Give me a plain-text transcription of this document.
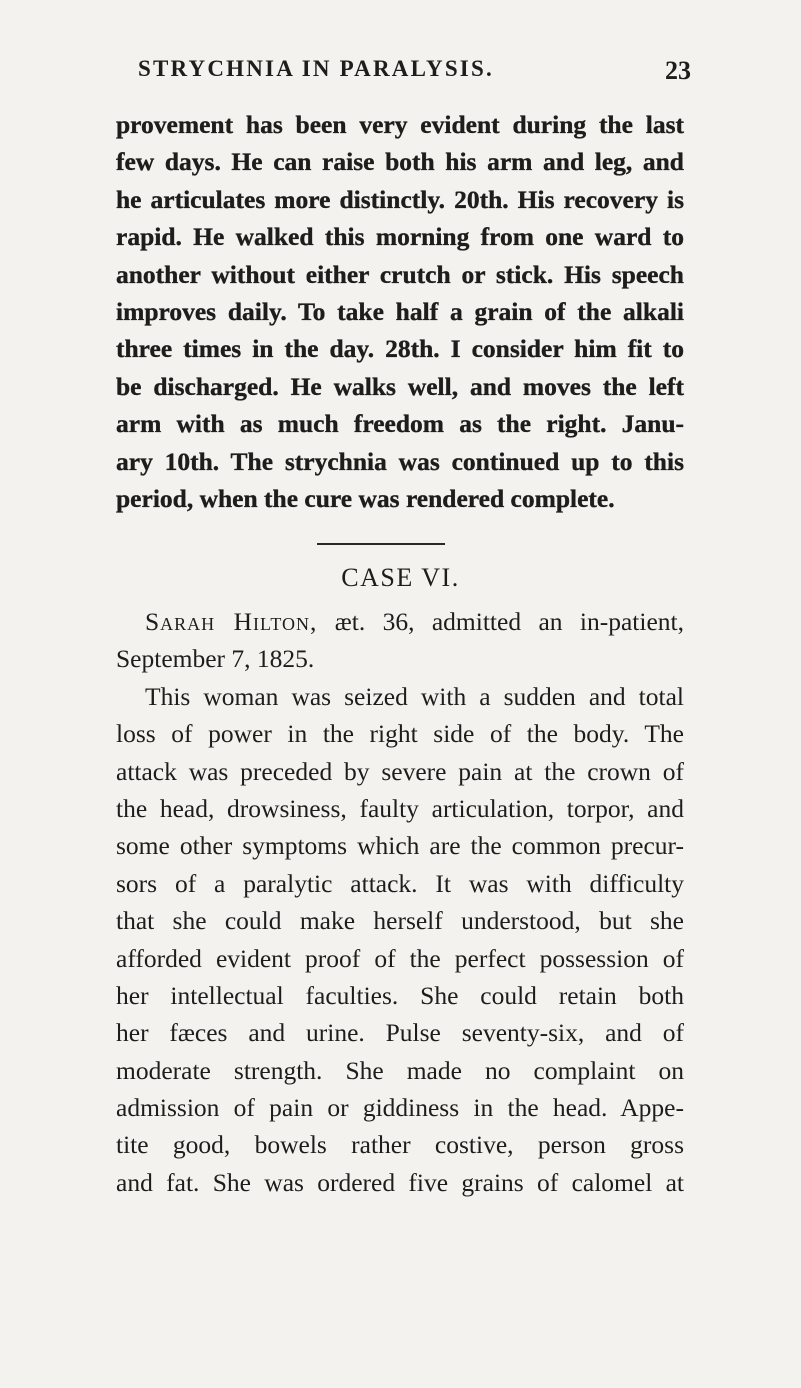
STRYCHNIA IN PARALYSIS.	23
provement has been very evident during the last
few days. He can raise both his arm and leg, and
he articulates more distinctly. 20th. His recovery is
rapid. He walked this morning from one ward to
another without either crutch or stick. His speech
improves daily. To take half a grain of the alkali
three times in the day. 28th. I consider him fit to
be discharged. He walks well, and moves the left
arm with as much freedom as the right. Janu-
ary 10th. The strychnia was continued up to this
period, when the cure was rendered complete.
CASE VI.
Sarah Hilton, æt. 36, admitted an in-patient,
September 7, 1825.
This woman was seized with a sudden and total
loss of power in the right side of the body. The
attack was preceded by severe pain at the crown of
the head, drowsiness, faulty articulation, torpor, and
some other symptoms which are the common precur-
sors of a paralytic attack. It was with difficulty
that she could make herself understood, but she
afforded evident proof of the perfect possession of
her intellectual faculties. She could retain both
her fæces and urine. Pulse seventy-six, and of
moderate strength. She made no complaint on
admission of pain or giddiness in the head. Appe-
tite good, bowels rather costive, person gross
and fat. She was ordered five grains of calomel at
